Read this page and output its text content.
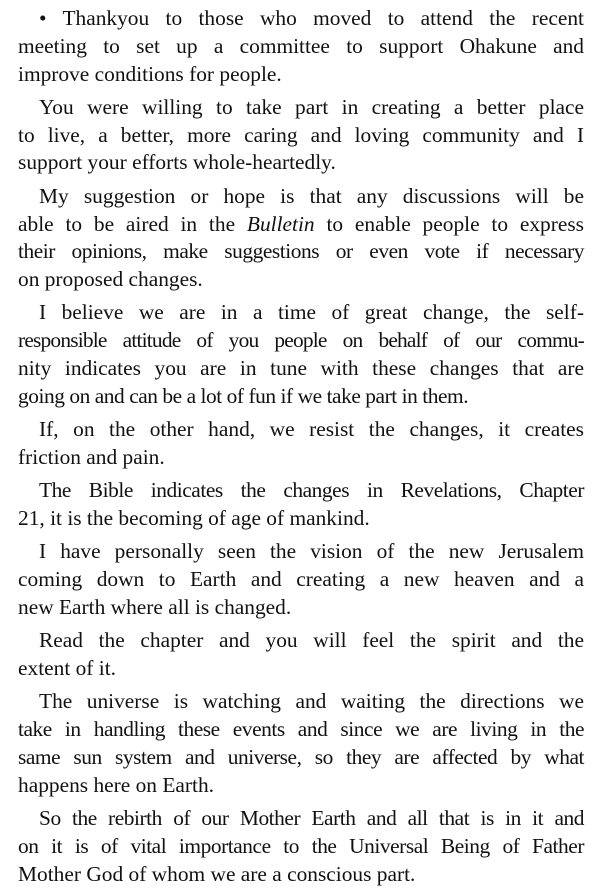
• Thankyou to those who moved to attend the recent
meeting to set up a committee to support Ohakune and
improve conditions for people.

You were willing to take part in creating a better place
to live, a better, more caring and loving community and I
support your efforts whole-heartedly.

My suggestion or hope is that any discussions will be
able to be aired in the Bulletin to enable people to express
their opinions, make suggestions or even vote if necessary
on proposed changes.

I believe we are in a time of great change, the self-
responsible attitude of you people on behalf of our commu-
nity indicates you are in tune with these changes that are
going on and can be a lot of fun if we take part in them.

If, on the other hand, we resist the changes, it creates
friction and pain.

The Bible indicates the changes in Revelations, Chapter
21, it is the becoming of age of mankind.

I have personally seen the vision of the new Jerusalem
coming down to Earth and creating a new heaven and a
new Earth where all is changed.

Read the chapter and you will feel the spirit and the
extent of it.

The universe is watching and waiting the directions we
take in handling these events and since we are living in the
same sun system and universe, so they are affected by what
happens here on Earth.

So the rebirth of our Mother Earth and all that is in it and
on it is of vital importance to the Universal Being of Father
Mother God of whom we are a conscious part.
